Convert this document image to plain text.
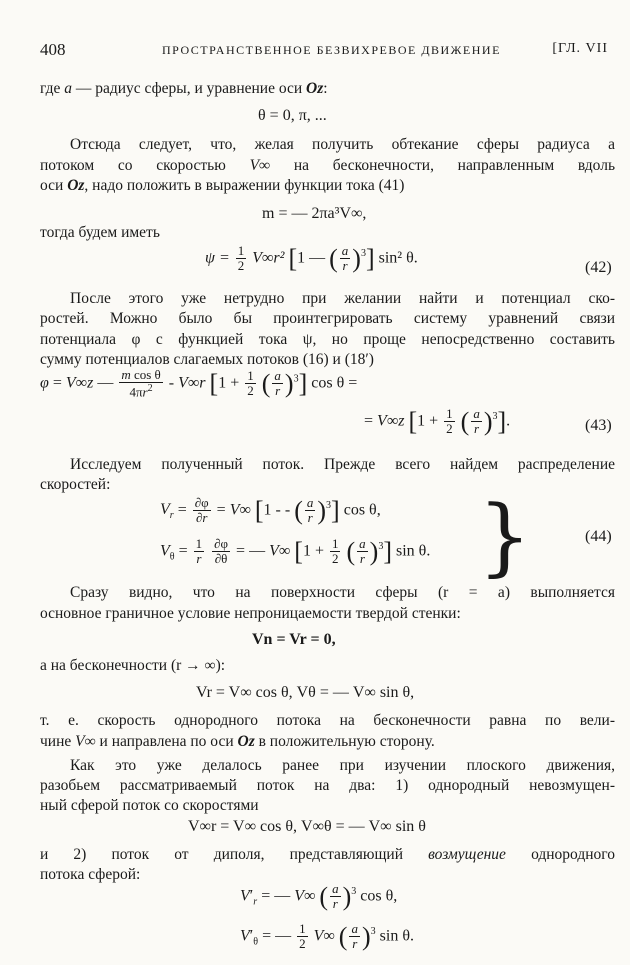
408	ПРОСТРАНСТВЕННОЕ БЕЗВИХРЕВОЕ ДВИЖЕНИЕ	[ГЛ. VII
где a — радиус сферы, и уравнение оси Oz:
θ = 0, π, ...
Отсюда следует, что, желая получить обтекание сферы радиуса a
потоком со скоростью V∞ на бесконечности, направленным вдоль
оси Oz, надо положить в выражении функции тока (41)
m = — 2πa³V∞,
тогда будем иметь
$\psi = \frac{1}{2} V\infty r^2$ [1 — ( $\frac{a}{r} )^3$] sin² θ.
(42)
После этого уже нетрудно при желании найти и потенциал ско-
ростей. Можно было бы проинтегрировать систему уравнений связи
потенциала φ с функцией тока ψ, но проще непосредственно составить
сумму потенциалов слагаемых потоков (16) и (18′)
φ = V∞z — $\frac{\text{m cos θ}}{4\pi r^2} - V\infty r$ [$1 + \frac{1}{2}$ ( $\frac{a}{r} )^3$] cos θ =
= V∞z [$1 + \frac{1}{2}$ ( $\frac{a}{r} )^3$].	(43)
Исследуем полученный поток. Прежде всего найдем распределение
скоростей:
$V_r = \frac{\partial\varphi}{\partial r} = V\infty$ [1 - - ( $\frac{a}{r} )^3$] cos θ,
$V_\theta = \frac{1}{r}$
$\frac{\partial\varphi}{\partial\theta}$ = — V∞ [$1 + \frac{1}{2}$ ( $\frac{a}{r} )^3$] sin θ. }	(44)
Сразу видно, что на поверхности сферы (r = a) выполняется
основное граничное условие непроницаемости твердой стенки:
Vn = Vr = 0,
а на бесконечности (r → ∞):
Vr = V∞ cos θ, Vθ = — V∞ sin θ,
т. е. скорость однородного потока на бесконечности равна по вели-
чине V∞ и направлена по оси Oz в положительную сторону.
Как это уже делалось ранее при изучении плоского движения,
разобьем рассматриваемый поток на два: 1) однородный невозмущен-
ный сферой поток со скоростями
V∞r = V∞ cos θ, V∞θ = — V∞ sin θ
и 2) поток от диполя, представляющий возмущение однородного
потока сферой:
$V'_r$ = — V∞ ( $\frac{a}{r} )^3$ cos θ,
$V'_\theta$ = — $\frac{1}{2} V\infty$ ( $\frac{a}{r} )^3$ sin θ.
